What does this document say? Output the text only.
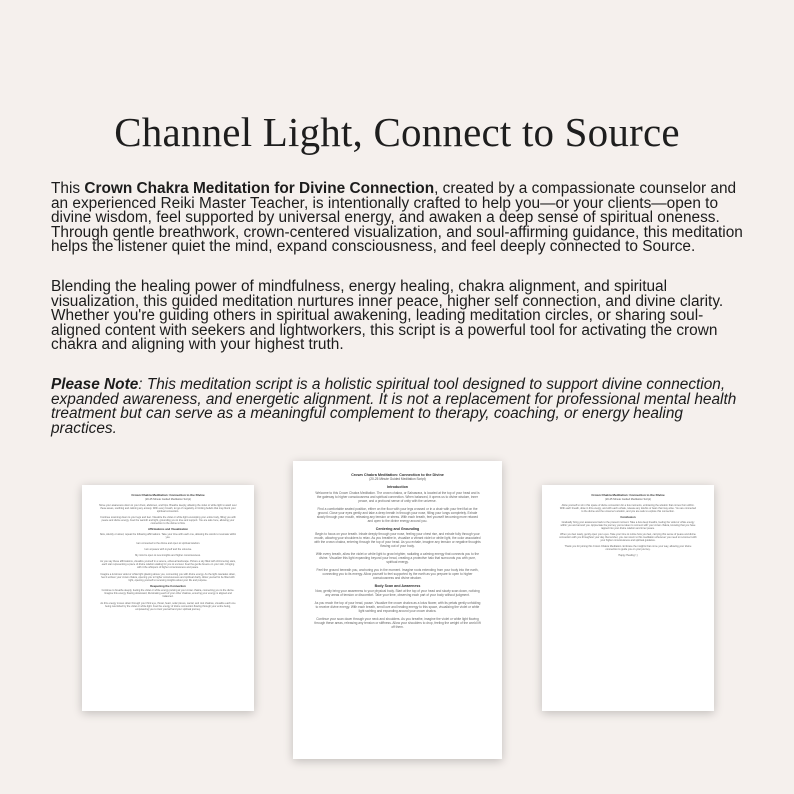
Channel Light, Connect to Source

This Crown Chakra Meditation for Divine Connection, created by a compassionate counselor and an experienced Reiki Master Teacher, is intentionally crafted to help you—or your clients—open to divine wisdom, feel supported by universal energy, and awaken a deep sense of spiritual oneness. Through gentle breathwork, crown-centered visualization, and soul-affirming guidance, this meditation helps the listener quiet the mind, expand consciousness, and feel deeply connected to Source.

Blending the healing power of mindfulness, energy healing, chakra alignment, and spiritual visualization, this guided meditation nurtures inner peace, higher self connection, and divine clarity. Whether you're guiding others in spiritual awakening, leading meditation circles, or sharing soul-aligned content with seekers and lightworkers, this script is a powerful tool for activating the crown chakra and aligning with your highest truth.

Please Note: This meditation script is a holistic spiritual tool designed to support divine connection, expanded awareness, and energetic alignment. It is not a replacement for professional mental health treatment but can serve as a meaningful complement to therapy, coaching, or energy healing practices.

Crown Chakra Meditation: Connection to the Divine
(20-25 Minute Guided Meditation Script)

Move your awareness down to your chest, abdomen, and hips. Breathe deeply, allowing the violet or white light to wash over these areas, soothing and calming any anxiety. With every breath, let go of negativity or limiting beliefs that may block your spiritual connection.

Continue scanning down to your legs and feet. Visualize the violet or white light enveloping your entire body, filling you with peace and divine energy. Feel the warmth and light, grounding you to love and support. You are safe here, allowing your connection to the divine to flow.

Affirmations and Visualization

Now, silently or aloud, repeat the following affirmations. Take your time with each one, allowing the words to resonate within you.

I am connected to the divine and open to spiritual wisdom.

I am at peace with myself and the universe.

My mind is open to new insights and higher consciousness.

As you say these affirmations, visualize yourself in a serene, ethereal landscape. Picture a sky filled with shimmering stars, each star representing a piece of divine wisdom waiting for you to uncover. Feel the gentle breeze on your skin, bringing with it the whispers of higher consciousness and peace.

Imagine a luminous violet or white light glowing above you, connecting you with divine energy. As the light cascades down, feel it enliven your crown chakra, opening you to higher consciousness and spiritual clarity. Allow yourself to be filled with light, opening yourself to receiving insights about your life and purpose.

Deepening the Connection

Continue to breathe deeply, feeling the violet or white energy pulsing at your crown chakra, connecting you to the divine. Imagine this energy flowing downward, illuminating each of your other chakras, ensuring your energy is aligned and balanced.

As this energy moves down through your third eye, throat, heart, solar plexus, sacral, and root chakras, visualize each one being nourished by the violet or white light. Feel the energy of divine connection flowing through your entire being, empowering you to trust yourself and your spiritual journey.

Crown Chakra Meditation: Connection to the Divine
(20-25 Minute Guided Meditation Script)
Introduction

Welcome to this Crown Chakra Meditation. The crown chakra, or Sahasrara, is located at the top of your head and is the gateway to higher consciousness and spiritual connection. When balanced, it opens us to divine wisdom, inner peace, and a profound sense of unity with the universe.

Find a comfortable seated position, either on the floor with your legs crossed or in a chair with your feet flat on the ground. Close your eyes gently and take a deep breath in through your nose, filling your lungs completely. Exhale slowly through your mouth, releasing any tension or stress. With each breath, feel yourself becoming more relaxed and open to the divine energy around you.

Centering and Grounding

Begin to focus on your breath. Inhale deeply through your nose, feeling your chest rise, and exhale fully through your mouth, allowing your shoulders to relax. As you breathe in, visualize a vibrant violet or white light, the color associated with the crown chakra, entering through the top of your head. As you exhale, imagine any tension or negative thoughts flowing out of your body.

With every breath, allow the violet or white light to grow brighter, radiating a calming energy that connects you to the divine. Visualize this light expanding beyond your head, creating a protective halo that surrounds you with pure, spiritual energy.

Feel the ground beneath you, anchoring you in the moment. Imagine roots extending from your body into the earth, connecting you to its energy. Allow yourself to feel supported by the earth as you prepare to open to higher consciousness and divine wisdom.

Body Scan and Awareness

Now, gently bring your awareness to your physical body. Start at the top of your head and slowly scan down, noticing any areas of tension or discomfort. Take your time, observing each part of your body without judgment.

As you reach the top of your head, pause. Visualize the crown chakra as a lotus flower, with its petals gently unfolding to receive divine energy. With each breath, send love and healing energy to this space, visualizing the violet or white light swirling and expanding around your crown chakra.

Continue your scan down through your neck and shoulders. As you breathe, imagine the violet or white light flowing through these areas, releasing any tension or stiffness. Allow your shoulders to drop, feeling the weight of the world lift off them.

Crown Chakra Meditation: Connection to the Divine
(20-25 Minute Guided Meditation Script)

Allow yourself to sit in this space of divine connection for a few moments, embracing the wisdom that comes from within. With each breath, draw in this energy, and with each exhale, release any doubts or fears that may arise. You are connected to the divine and the universe's wisdom, and you are safe to explore this connection.

Conclusion

Gradually bring your awareness back to the present moment. Take a few deep breaths, feeling the violet or white energy within you and around you. Appreciate the journey you've taken to connect with your crown chakra, knowing that you have tapped into your divine wisdom and inner peace.

When you feel ready, gently open your eyes. Take your time to notice how you feel, carrying this sense of peace and divine connection with you throughout your day. Remember, you can return to this meditation whenever you need to reconnect with your higher consciousness and spiritual guidance.

Thank you for joining this Crown Chakra Meditation. Embrace the insights that come your way, allowing your divine connection to guide you on your journey.

Happy Healing! :)
